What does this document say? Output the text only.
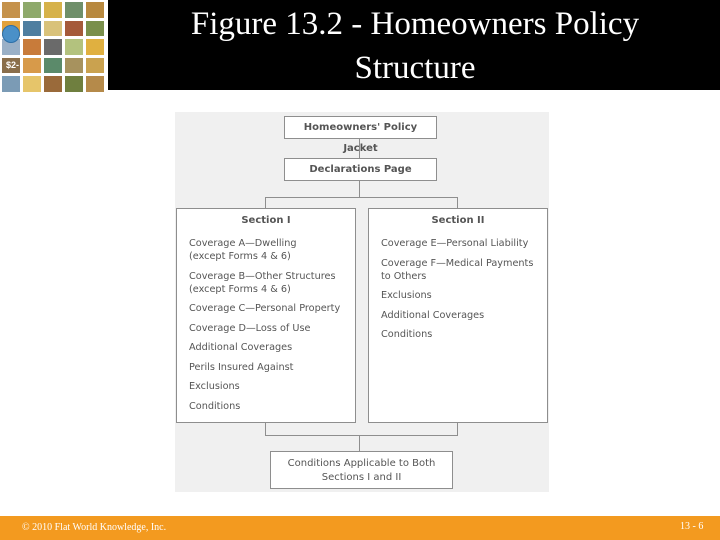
$2-
Figure 13.2 - Homeowners Policy
Structure
Homeowners' Policy Jacket
Declarations Page
Section I
Coverage A—Dwelling
(except Forms 4 & 6)
Coverage B—Other Structures
(except Forms 4 & 6)
Coverage C—Personal Property
Coverage D—Loss of Use
Additional Coverages
Perils Insured Against
Exclusions
Conditions
Section II
Coverage E—Personal Liability
Coverage F—Medical Payments
to Others
Exclusions
Additional Coverages
Conditions
Conditions Applicable to Both
Sections I and II
© 2010 Flat World Knowledge, Inc.	13 - 6
